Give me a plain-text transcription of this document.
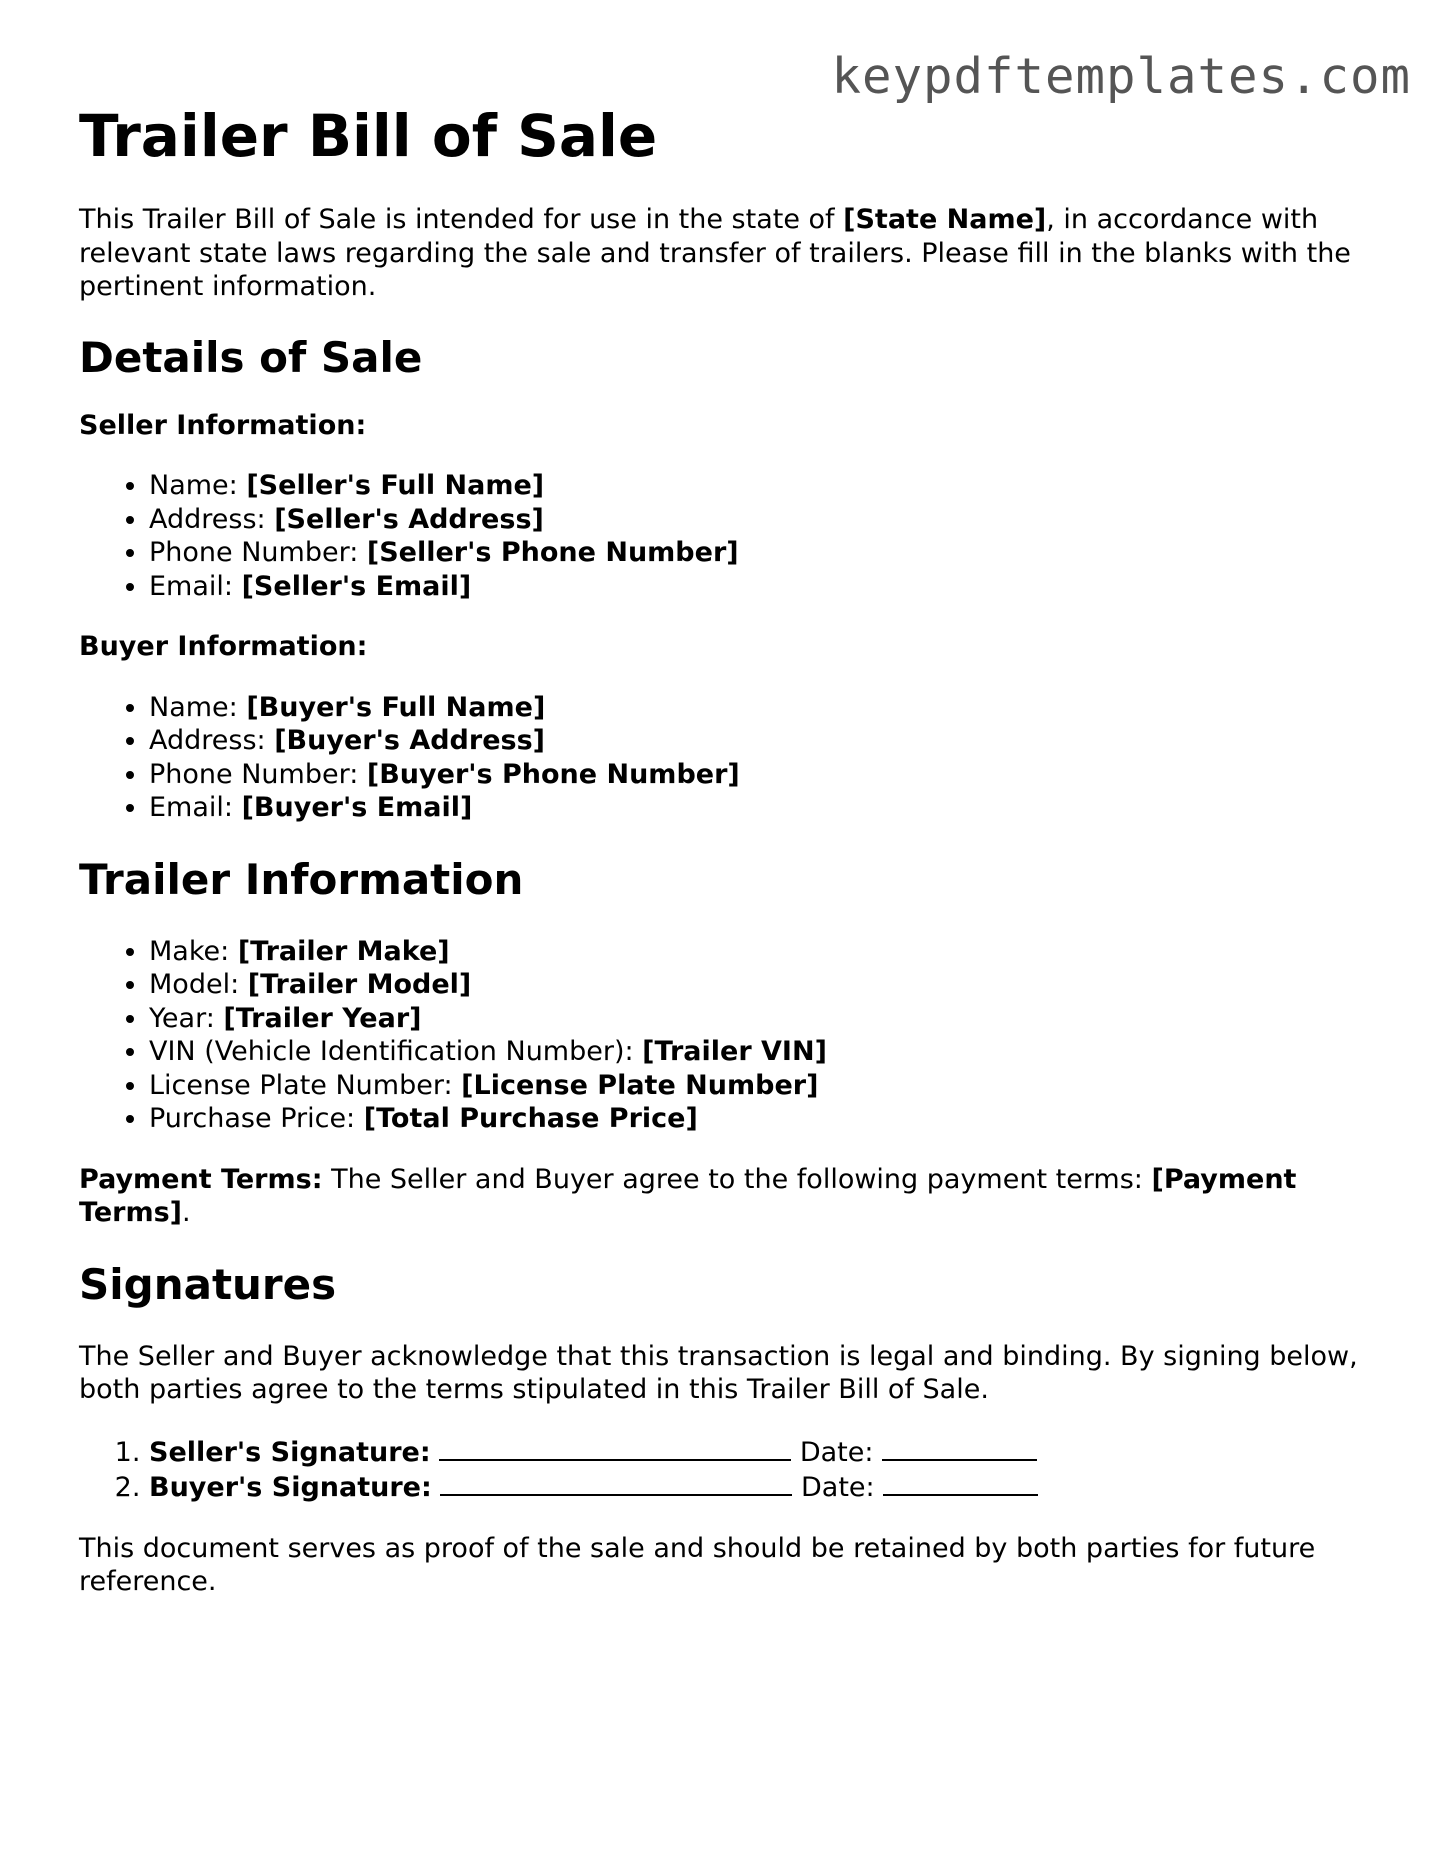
keypdftemplates.com
Trailer Bill of Sale

This Trailer Bill of Sale is intended for use in the state of [State Name], in accordance with relevant state laws regarding the sale and transfer of trailers. Please fill in the blanks with the pertinent information.

Details of Sale

Seller Information:

• Name: [Seller's Full Name]
• Address: [Seller's Address]
• Phone Number: [Seller's Phone Number]
• Email: [Seller's Email]

Buyer Information:

• Name: [Buyer's Full Name]
• Address: [Buyer's Address]
• Phone Number: [Buyer's Phone Number]
• Email: [Buyer's Email]
Trailer Information
• Make: [Trailer Make]
• Model: [Trailer Model]
• Year: [Trailer Year]
• VIN (Vehicle Identification Number): [Trailer VIN]
• License Plate Number: [License Plate Number]
• Purchase Price: [Total Purchase Price]

Payment Terms: The Seller and Buyer agree to the following payment terms: [Payment Terms].

Signatures

The Seller and Buyer acknowledge that this transaction is legal and binding. By signing below, both parties agree to the terms stipulated in this Trailer Bill of Sale.

1. Seller's Signature:	Date:
2. Buyer's Signature:	Date:

This document serves as proof of the sale and should be retained by both parties for future reference.
